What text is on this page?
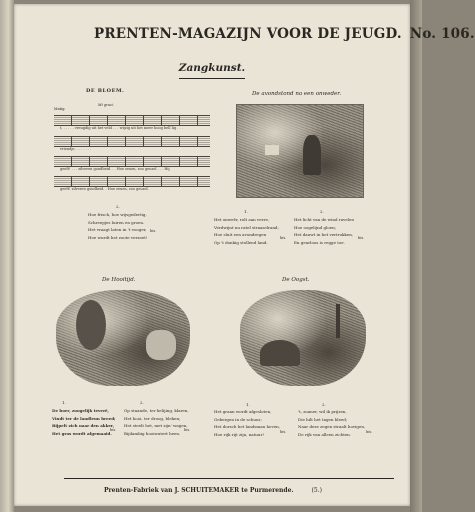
PRENTEN-MAGAZIJN VOOR DE JEUGD. No. 106.
Zangkunst.
DE BLOEM.
Mi grazi.
Matig.
t, . . . . . vreugdig uit het veld . . . wijzig uit het meer hoog bell lig . . .
vriendje, . . . . . . .
geeft! . . . zilveren goudbeid. . . Hoe zeuen, zoo geuzel . . . Hij
geeft! zilveren goudbeid. . Hoe zeuen, zoo geuzel.
2.
Hoe frisch, hoe wijsgedertig,
Schreepjes luiren en groen.
Het vraagt laten in 't vooger,
Hoe wurdt het zoote verzoet!
bis.
De avondstond na een onweder.
1.
Het onweêr, rolt aan verre,
Verdwijnt nu ratel straaselrand;
Hoe sluit een avondregen
Op 't donkig stollend land.
bis.
2.
Het licht van de wind ravelen
Hoe oogelijnd gloen;
Het dauwt in het vertrokken,
En geurloos is regge toe.
bis.
De Hooitijd.
1.
De boer, zoogelijk tevreê,
Vindt ter de landleun breed;
Bijpelt zich naar den akker,
Het gras wordt afgemaaid.
bis.
2.
Op staande, ter belijing, klaren,
Het hooi, ter droog, bleken;
Het steelt het, met zijn' wagen,
Bijdambig hooiwatert heen.
bis.
De Oogst.
1.
Het graan wordt afgesloten,
Gebergen in de schuur;
Het dorsch het landsman hoven,
Hoe rijk rijt zijn, natuur!	bis.
2.
't, zoaner, wil ik prijzen,
Die hilt het tagen bleed;
Naar deze zegen straalt hovigen,
De rijk van alleen zichten.	bis.
Prenten-Fabriek van J. SCHUITEMAKER te Purmerende.	(5.)
